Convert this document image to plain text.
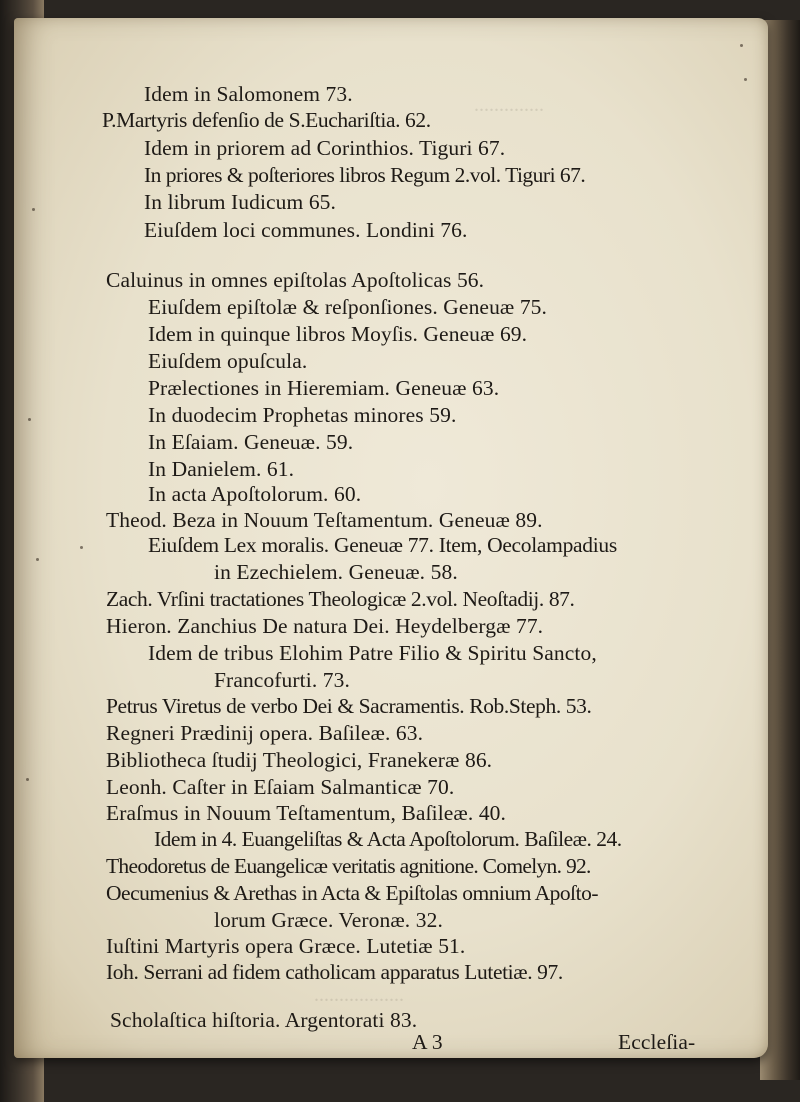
..............
..................
Idem in Salomonem 73.
P.Martyris defenſio de S.Euchariſtia. 62.
Idem in priorem ad Corinthios. Tiguri 67.
In priores & poſteriores libros Regum 2.vol. Tiguri 67.
In librum Iudicum 65.
Eiuſdem loci communes. Londini 76.
Caluinus in omnes epiſtolas Apoſtolicas 56.
Eiuſdem epiſtolæ & reſponſiones. Geneuæ 75.
Idem in quinque libros Moyſis. Geneuæ 69.
Eiuſdem opuſcula.
Prælectiones in Hieremiam. Geneuæ 63.
In duodecim Prophetas minores 59.
In Eſaiam. Geneuæ. 59.
In Danielem. 61.
In acta Apoſtolorum. 60.
Theod. Beza in Nouum Teſtamentum. Geneuæ 89.
Eiuſdem Lex moralis. Geneuæ 77. Item, Oecolampadius
in Ezechielem. Geneuæ. 58.
Zach. Vrſini tractationes Theologicæ 2.vol. Neoſtadij. 87.
Hieron. Zanchius De natura Dei. Heydelbergæ 77.
Idem de tribus Elohim Patre Filio & Spiritu Sancto,
Francofurti. 73.
Petrus Viretus de verbo Dei & Sacramentis. Rob.Steph. 53.
Regneri Prædinij opera. Baſileæ. 63.
Bibliotheca ſtudij Theologici, Franekeræ 86.
Leonh. Caſter in Eſaiam Salmanticæ 70.
Eraſmus in Nouum Teſtamentum, Baſileæ. 40.
Idem in 4. Euangeliſtas & Acta Apoſtolorum. Baſileæ. 24.
Theodoretus de Euangelicæ veritatis agnitione. Comelyn. 92.
Oecumenius & Arethas in Acta & Epiſtolas omnium Apoſto-
lorum Græce. Veronæ. 32.
Iuſtini Martyris opera Græce. Lutetiæ 51.
Ioh. Serrani ad fidem catholicam apparatus Lutetiæ. 97.
Scholaſtica hiſtoria. Argentorati 83.
A 3	Eccleſia-
